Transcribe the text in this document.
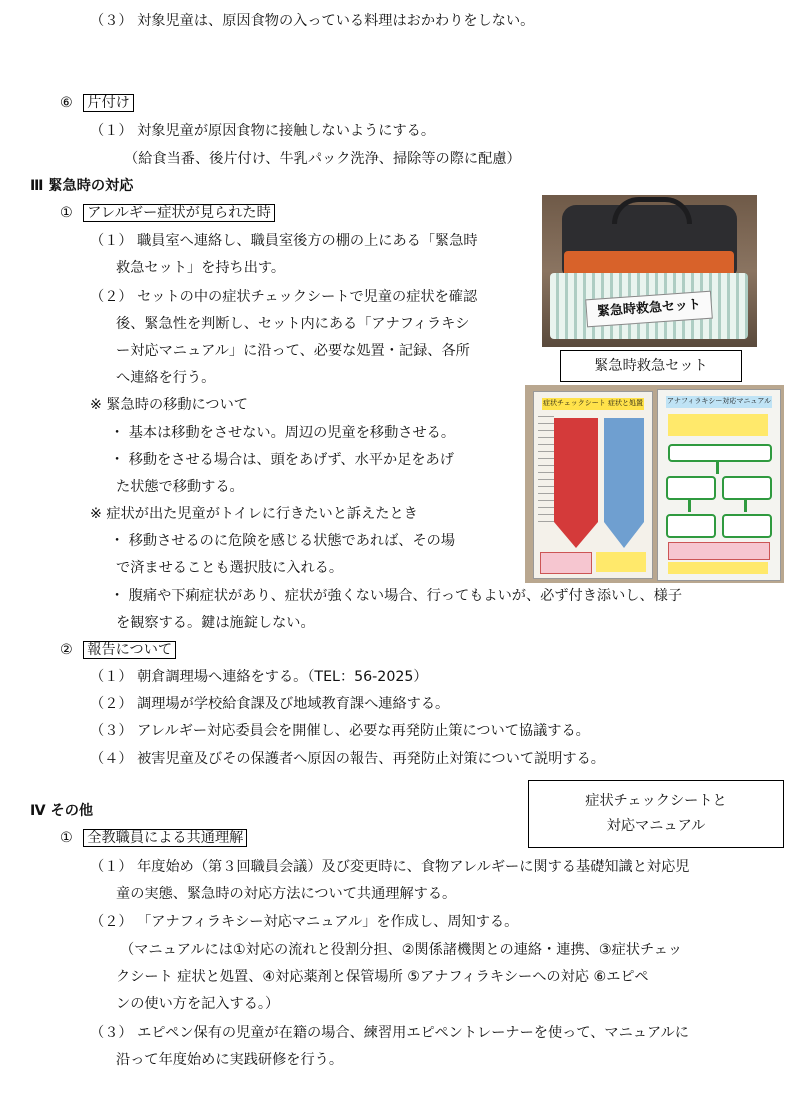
（３） 対象児童は、原因食物の入っている料理はおかわりをしない。
⑥ 片付け
（１） 対象児童が原因食物に接触しないようにする。
（給食当番、後片付け、牛乳パック洗浄、掃除等の際に配慮）
Ⅲ 緊急時の対応
① アレルギー症状が見られた時
（１） 職員室へ連絡し、職員室後方の棚の上にある「緊急時
救急セット」を持ち出す。
（２） セットの中の症状チェックシートで児童の症状を確認
後、緊急性を判断し、セット内にある「アナフィラキシ
ー対応マニュアル」に沿って、必要な処置・記録、各所
へ連絡を行う。
※ 緊急時の移動について
・ 基本は移動をさせない。周辺の児童を移動させる。
・ 移動をさせる場合は、頭をあげず、水平か足をあげ
た状態で移動する。
※ 症状が出た児童がトイレに行きたいと訴えたとき
・ 移動させるのに危険を感じる状態であれば、その場
で済ませることも選択肢に入れる。
・ 腹痛や下痢症状があり、症状が強くない場合、行ってもよいが、必ず付き添いし、様子
を観察する。鍵は施錠しない。
② 報告について
（１） 朝倉調理場へ連絡をする。（TEL：56-2025）
（２） 調理場が学校給食課及び地域教育課へ連絡する。
（３） アレルギー対応委員会を開催し、必要な再発防止策について協議する。
（４） 被害児童及びその保護者へ原因の報告、再発防止対策について説明する。
Ⅳ その他
① 全教職員による共通理解
（１） 年度始め（第３回職員会議）及び変更時に、食物アレルギーに関する基礎知識と対応児
童の実態、緊急時の対応方法について共通理解する。
（２） 「アナフィラキシー対応マニュアル」を作成し、周知する。
（マニュアルには①対応の流れと役割分担、②関係諸機関との連絡・連携、③症状チェッ
クシート 症状と処置、④対応薬剤と保管場所 ⑤アナフィラキシーへの対応 ⑥エピペ
ンの使い方を記入する。）
（３） エピペン保有の児童が在籍の場合、練習用エピペントレーナーを使って、マニュアルに
沿って年度始めに実践研修を行う。
緊急時救急セット
緊急時救急セット
症状チェックシート 症状と処置	アナフィラキシー対応マニュアル
症状チェックシートと
対応マニュアル
